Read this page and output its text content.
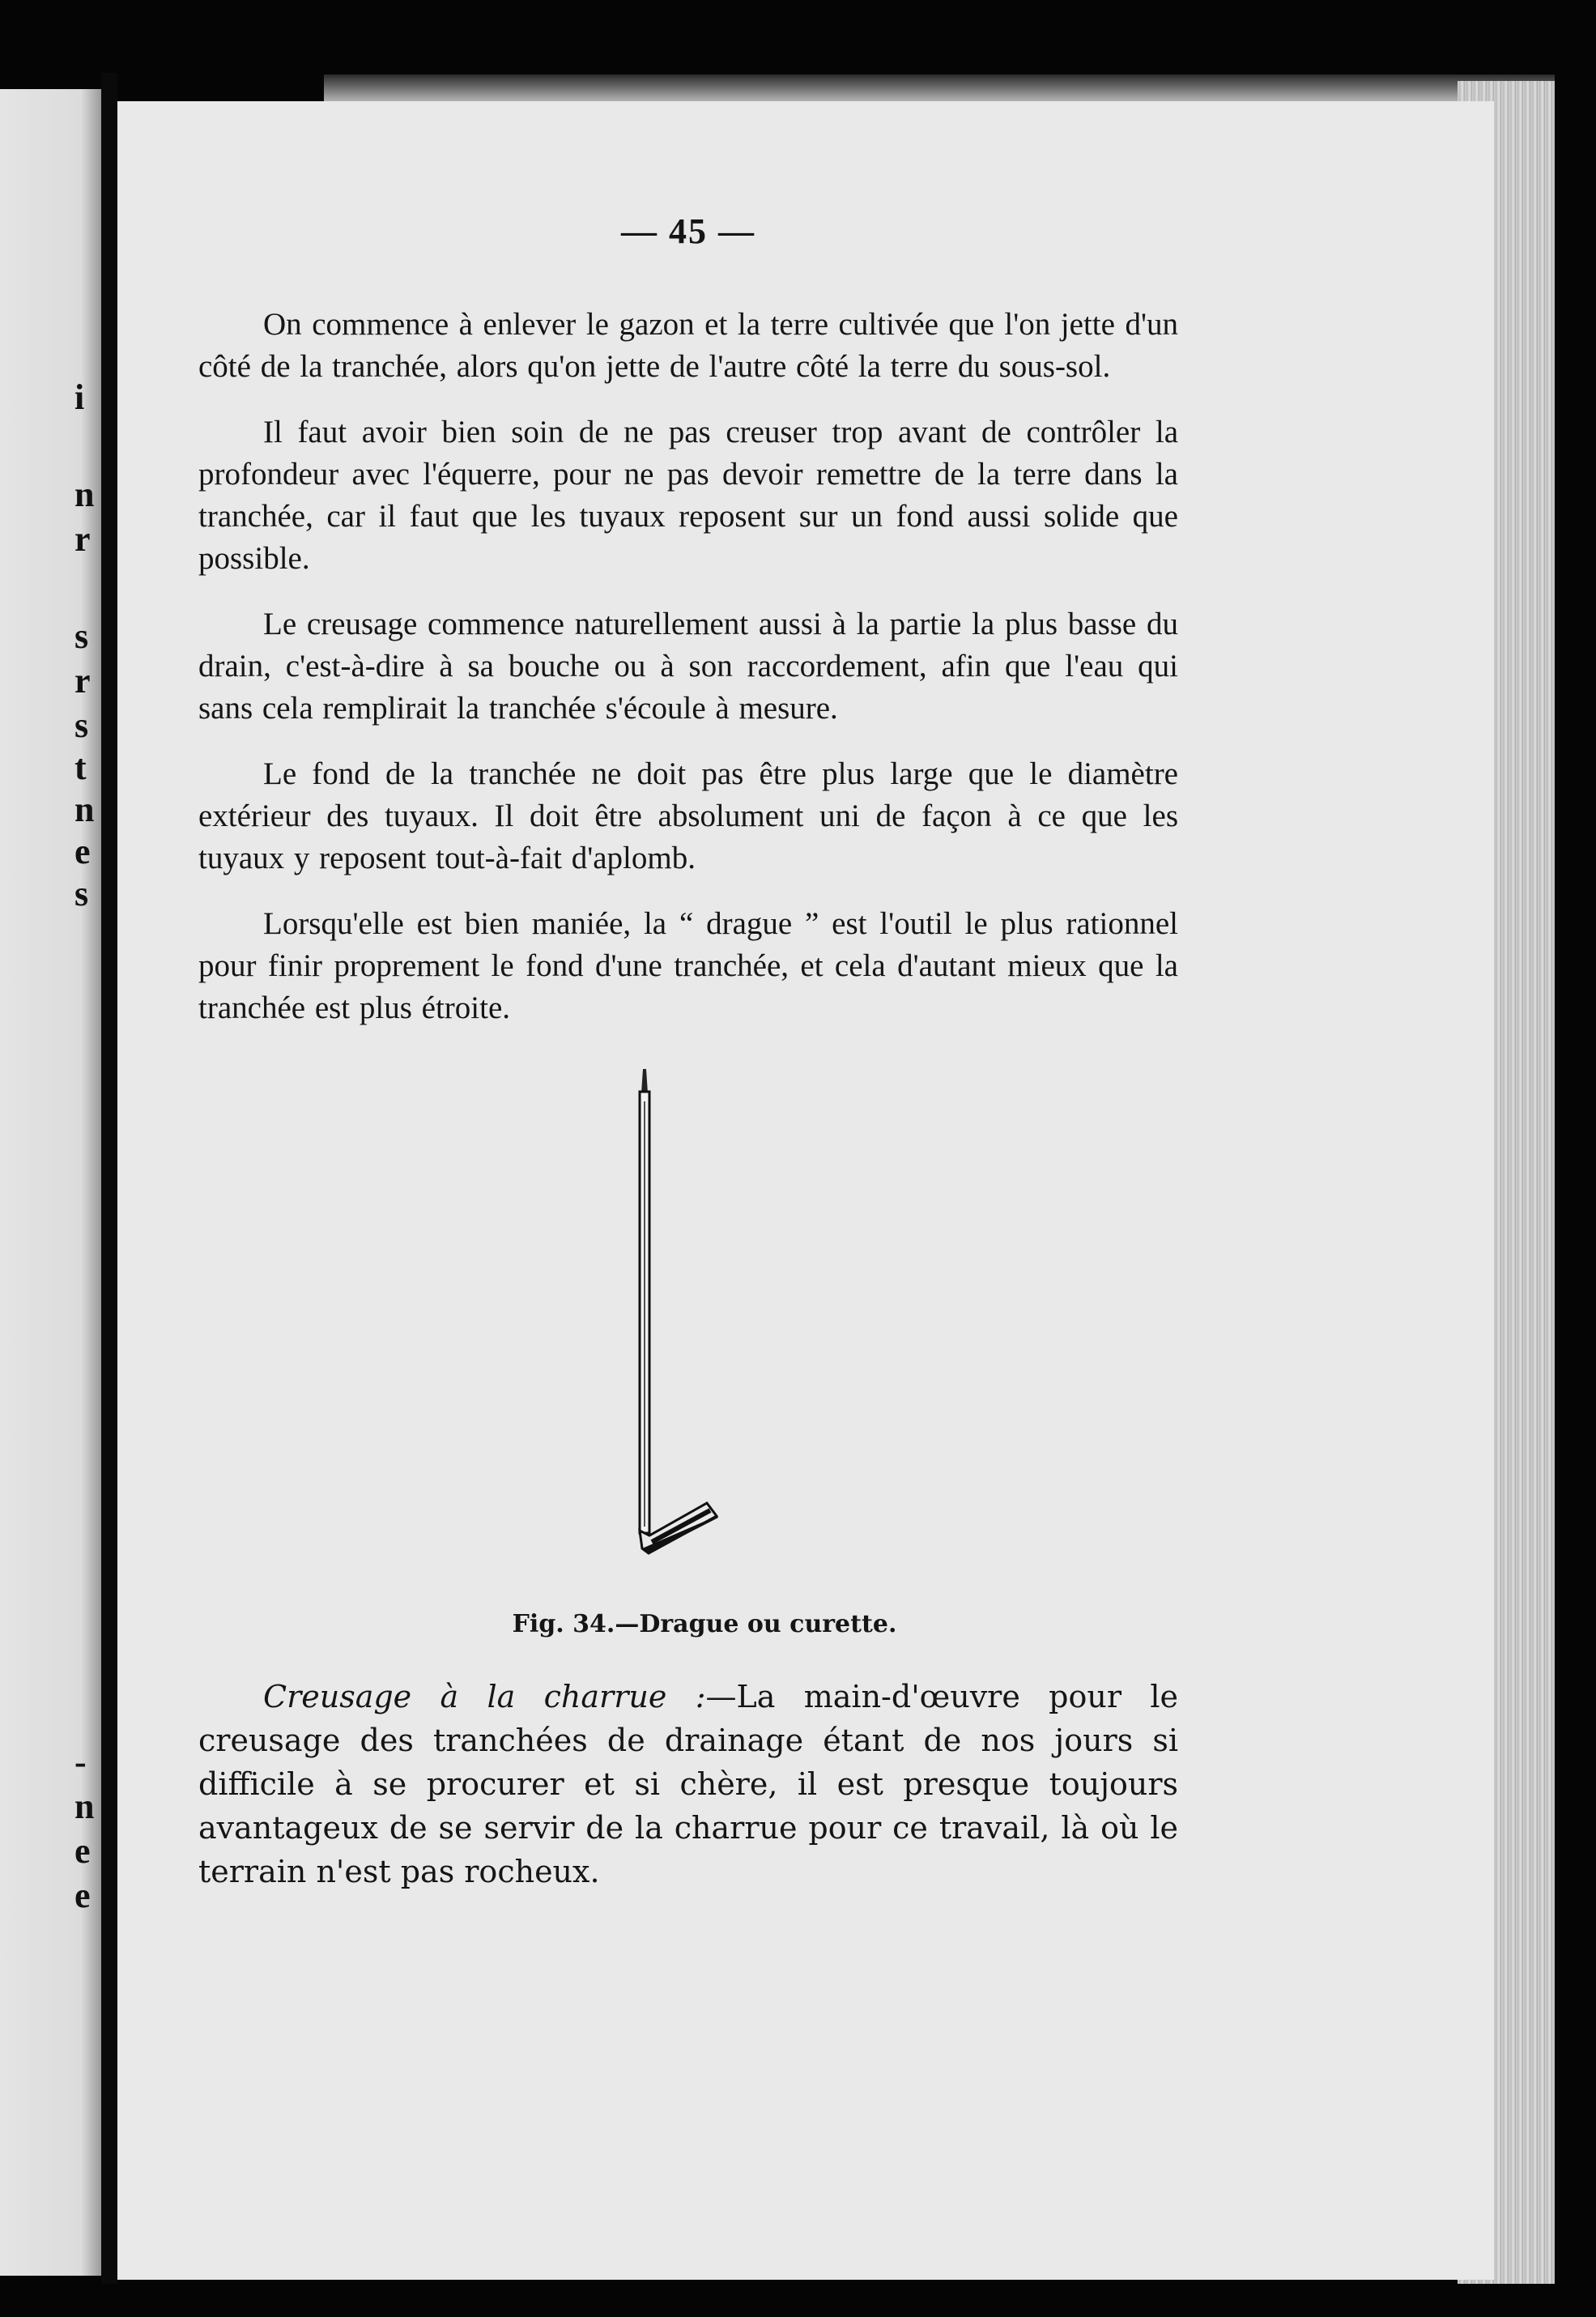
i
n
r
s
r
s
t
n
e
s
-
n
e
e
— 45 —

On commence à enlever le gazon et la terre cultivée que l'on jette d'un côté de la tranchée, alors qu'on jette de l'autre côté la terre du sous-sol.

Il faut avoir bien soin de ne pas creuser trop avant de contrôler la profondeur avec l'équerre, pour ne pas devoir remettre de la terre dans la tranchée, car il faut que les tuyaux reposent sur un fond aussi solide que possible.

Le creusage commence naturellement aussi à la partie la plus basse du drain, c'est-à-dire à sa bouche ou à son raccordement, afin que l'eau qui sans cela remplirait la tranchée s'écoule à mesure.

Le fond de la tranchée ne doit pas être plus large que le diamètre extérieur des tuyaux. Il doit être absolument uni de façon à ce que les tuyaux y reposent tout-à-fait d'aplomb.

Lorsqu'elle est bien maniée, la “ drague ” est l'outil le plus rationnel pour finir proprement le fond d'une tranchée, et cela d'autant mieux que la tranchée est plus étroite.

Fig. 34.—Drague ou curette.

Creusage à la charrue :—La main-d'œuvre pour le creusage des tranchées de drainage étant de nos jours si difficile à se procurer et si chère, il est presque toujours avantageux de se servir de la charrue pour ce travail, là où le terrain n'est pas rocheux.
